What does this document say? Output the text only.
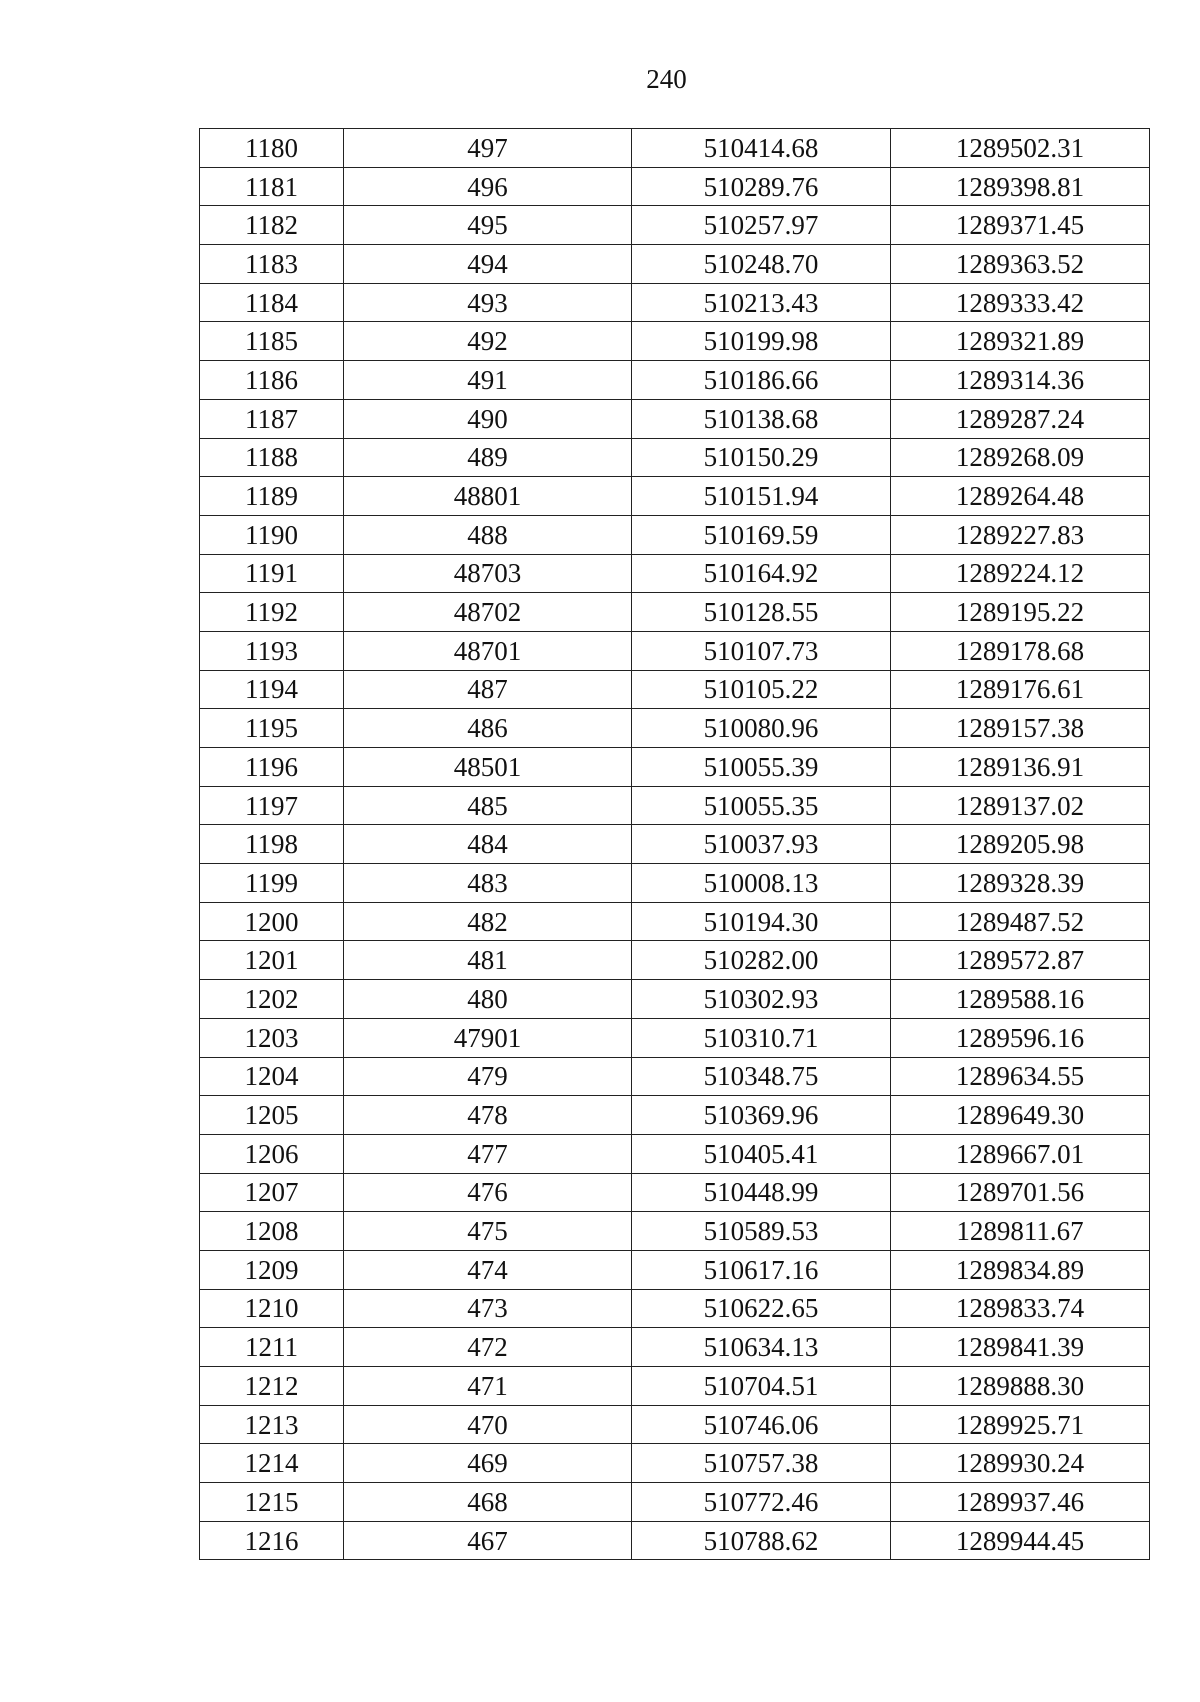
240
1180	497	510414.68	1289502.31
1181	496	510289.76	1289398.81
1182	495	510257.97	1289371.45
1183	494	510248.70	1289363.52
1184	493	510213.43	1289333.42
1185	492	510199.98	1289321.89
1186	491	510186.66	1289314.36
1187	490	510138.68	1289287.24
1188	489	510150.29	1289268.09
1189	48801	510151.94	1289264.48
1190	488	510169.59	1289227.83
1191	48703	510164.92	1289224.12
1192	48702	510128.55	1289195.22
1193	48701	510107.73	1289178.68
1194	487	510105.22	1289176.61
1195	486	510080.96	1289157.38
1196	48501	510055.39	1289136.91
1197	485	510055.35	1289137.02
1198	484	510037.93	1289205.98
1199	483	510008.13	1289328.39
1200	482	510194.30	1289487.52
1201	481	510282.00	1289572.87
1202	480	510302.93	1289588.16
1203	47901	510310.71	1289596.16
1204	479	510348.75	1289634.55
1205	478	510369.96	1289649.30
1206	477	510405.41	1289667.01
1207	476	510448.99	1289701.56
1208	475	510589.53	1289811.67
1209	474	510617.16	1289834.89
1210	473	510622.65	1289833.74
1211	472	510634.13	1289841.39
1212	471	510704.51	1289888.30
1213	470	510746.06	1289925.71
1214	469	510757.38	1289930.24
1215	468	510772.46	1289937.46
1216	467	510788.62	1289944.45
